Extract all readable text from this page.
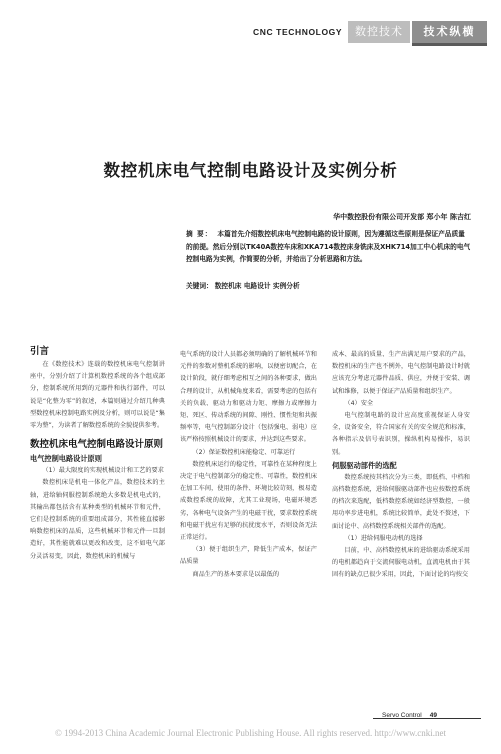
CNC TECHNOLOGY	数控技术	技术纵横
数控机床电气控制电路设计及实例分析
华中数控股份有限公司开发部 郑小年 陈吉红
摘 要： 本篇首先介绍数控机床电气控制电路的设计原则，因为遵循这些原则是保证产品质量的前提。然后分别以TK40A数控车床和XKA714数控床身铣床及XHK714加工中心机床的电气控制电路为实例，作简要的分析，并给出了分析思路和方法。
关键词： 数控机床 电路设计 实例分析

引言

在《数控技术》连载的数控机床电气控制讲座中，分别介绍了计算机数控系统的各个组成部分，控制系统所用到的元器件和执行部件，可以说是“化整为零”的叙述，本篇则通过介绍几种典型数控机床控制电路实例及分析，则可以说是“集零为整”，为读者了解数控系统的全貌提供参考。

数控机床电气控制电路设计原则

电气控制电路设计原则

（1）最大限度的实现机械设计和工艺的要求

数控机床是机电一体化产品，数控技术的主轴，进给轴伺服控制系统绝大多数是机电式的，其输出都包括含有某种类型的机械环节和元件，它们是控制系统的重要组成部分，其性能直接影响数控机床的品质，这些机械环节和元件一旦制造好，其性能就难以更改和改变，这不如电气部分灵活易变，因此，数控机床的机械与

电气系统的设计人员都必须明确的了解机械环节和元件的参数对整机系统的影响，以便密切配合，在设计阶段，就仔细考虑相互之间的各种要求，做出合理的设计，从机械角度来看，需要考虑的包括有关的负载、驱动力和驱动力矩、摩擦力或摩擦力矩、死区、传动系统的间隙、刚性、惯性矩和共振频率等，电气控制部分设计（包括强电、弱电）应该严格按照机械设计的要求，并达到这些要求。

（2）保证数控机床能稳定、可靠运行

数控机床运行的稳定性，可靠性在某种程度上决定于电气控制部分的稳定性、可靠性，数控机床在加工车间，使用的条件、环境比较苛刻，极易造成数控系统的故障，尤其工业现场，电磁环境恶劣，各种电气设备产生的电磁干扰，要求数控系统和电磁干扰应有足够的抗扰度水平，否则设备无法正常运行。

（3）便于组织生产，降低生产成本，保证产品质量

商品生产的基本要求是以最低的

成本、最高的质量、生产出满足用户要求的产品，数控机床的生产也不例外，电气控制电路设计时就应该充分考虑元器件品质、供应，并便于安装、调试和维修，以便于保证产品质量和组织生产。

（4）安全

电气控制电路的设计应高度重视保证人身安全，设备安全，符合国家有关的安全规范和标准，各种指示及信号表识别，操纵机构易操作，易识别。

伺服驱动部件的选配

数控系统按其档次分为三类，即低档、中档和高档数控系统，进给伺服驱动部件也应按数控系统的档次来选配，低档数控系统如经济型数控，一般用功率步进电机，系统比较简单，此处不赘述，下面讨论中、高档数控系统相关部件的选配。

（1）进给伺服电动机的选择

目前，中、高档数控机床的进给驱动系统采用的电机都趋向于交流伺服电动机，直流电机由于其固有的缺点已很少采用，因此，下面讨论的均按交

Servo Control 49
© 1994-2013 China Academic Journal Electronic Publishing House. All rights reserved. http://www.cnki.net
